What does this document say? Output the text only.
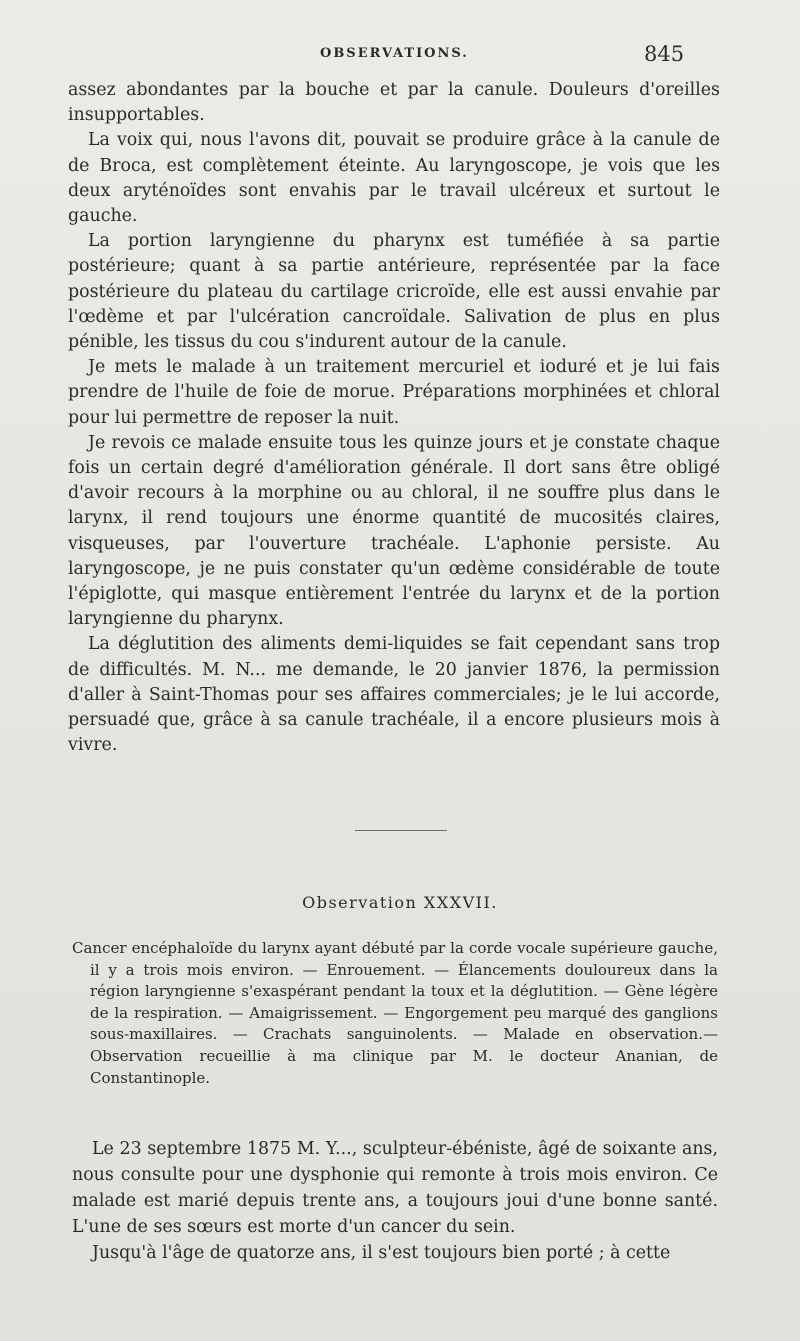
OBSERVATIONS.	845

assez abondantes par la bouche et par la canule. Douleurs d'oreilles insupportables.

La voix qui, nous l'avons dit, pouvait se produire grâce à la canule de de Broca, est complètement éteinte. Au laryngoscope, je vois que les deux aryténoïdes sont envahis par le travail ulcéreux et surtout le gauche.

La portion laryngienne du pharynx est tuméfiée à sa partie postérieure; quant à sa partie antérieure, représentée par la face postérieure du plateau du cartilage cricroïde, elle est aussi envahie par l'œdème et par l'ulcération cancroïdale. Salivation de plus en plus pénible, les tissus du cou s'indurent autour de la canule.

Je mets le malade à un traitement mercuriel et ioduré et je lui fais prendre de l'huile de foie de morue. Préparations morphinées et chloral pour lui permettre de reposer la nuit.

Je revois ce malade ensuite tous les quinze jours et je constate chaque fois un certain degré d'amélioration générale. Il dort sans être obligé d'avoir recours à la morphine ou au chloral, il ne souffre plus dans le larynx, il rend toujours une énorme quantité de mucosités claires, visqueuses, par l'ouverture trachéale. L'aphonie persiste. Au laryngoscope, je ne puis constater qu'un œdème considérable de toute l'épiglotte, qui masque entièrement l'entrée du larynx et de la portion laryngienne du pharynx.

La déglutition des aliments demi-liquides se fait cependant sans trop de difficultés. M. N... me demande, le 20 janvier 1876, la permission d'aller à Saint-Thomas pour ses affaires commerciales; je le lui accorde, persuadé que, grâce à sa canule trachéale, il a encore plusieurs mois à vivre.

Observation XXXVII.
Cancer encéphaloïde du larynx ayant débuté par la corde vocale supérieure gauche, il y a trois mois environ. — Enrouement. — Élancements douloureux dans la région laryngienne s'exaspérant pendant la toux et la déglutition. — Gène légère de la respiration. — Amaigrissement. — Engorgement peu marqué des ganglions sous-maxillaires. — Crachats sanguinolents. — Malade en observation.— Observation recueillie à ma clinique par M. le docteur Ananian, de Constantinople.

Le 23 septembre 1875 M. Y..., sculpteur-ébéniste, âgé de soixante ans, nous consulte pour une dysphonie qui remonte à trois mois environ. Ce malade est marié depuis trente ans, a toujours joui d'une bonne santé. L'une de ses sœurs est morte d'un cancer du sein.

Jusqu'à l'âge de quatorze ans, il s'est toujours bien porté ; à cette
